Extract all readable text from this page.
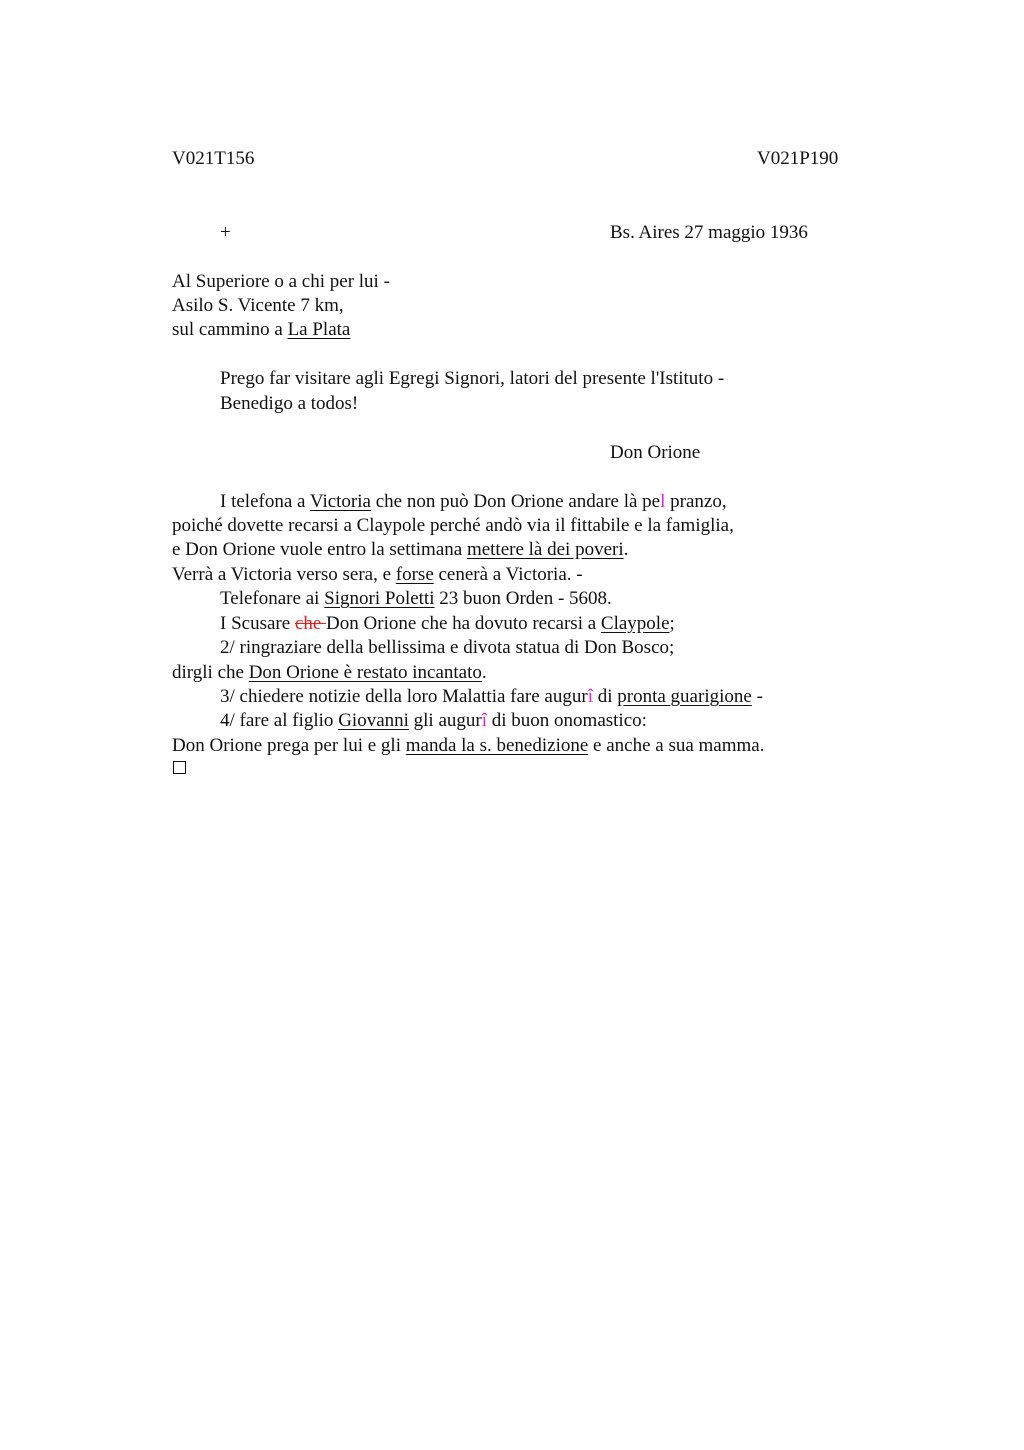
V021T156	V021P190
+	Bs. Aires 27 maggio 1936
Al Superiore o a chi per lui -
Asilo S. Vicente 7 km,
sul cammino a La Plata
Prego far visitare agli Egregi Signori, latori del presente l'Istituto -
Benedigo a todos!
Don Orione
I telefona a Victoria che non può Don Orione andare là pel pranzo,
poiché dovette recarsi a Claypole perché andò via il fittabile e la famiglia,
e Don Orione vuole entro la settimana mettere là dei poveri.
Verrà a Victoria verso sera, e forse cenerà a Victoria. -
Telefonare ai Signori Poletti 23 buon Orden - 5608.
I Scusare che Don Orione che ha dovuto recarsi a Claypole;
2/ ringraziare della bellissima e divota statua di Don Bosco;
dirgli che Don Orione è restato incantato.
3/ chiedere notizie della loro Malattia fare augurî di pronta guarigione -
4/ fare al figlio Giovanni gli augurî di buon onomastico:
Don Orione prega per lui e gli manda la s. benedizione e anche a sua mamma.
